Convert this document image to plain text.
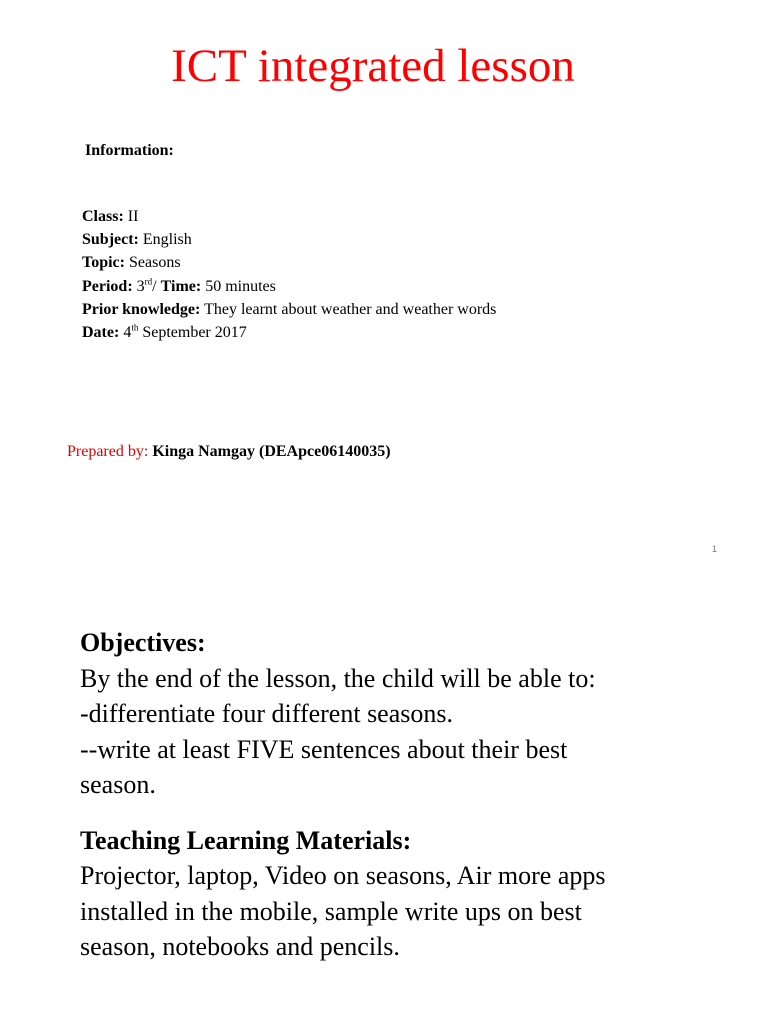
ICT integrated lesson
Information:
Class: II
Subject: English
Topic: Seasons
Period: 3rd/ Time: 50 minutes
Prior knowledge: They learnt about weather and weather words
Date: 4th September 2017
Prepared by: Kinga Namgay (DEApce06140035)
1
Objectives:
By the end of the lesson, the child will be able to:
-differentiate four different seasons.
--write at least FIVE sentences about their best
season.
Teaching Learning Materials:
Projector, laptop, Video on seasons, Air more apps
installed in the mobile, sample write ups on best
season, notebooks and pencils.
